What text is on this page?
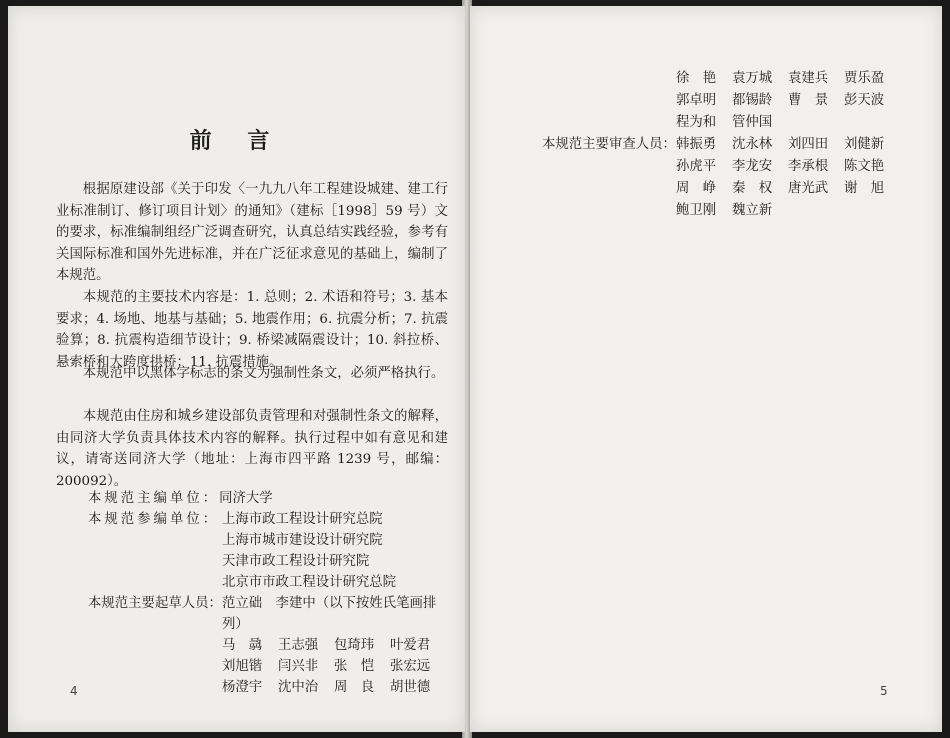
前 言

根据原建设部《关于印发〈一九九八年工程建设城建、建工行业标准制订、修订项目计划〉的通知》（建标［1998］59 号）文的要求，标准编制组经广泛调查研究，认真总结实践经验，参考有关国际标准和国外先进标准，并在广泛征求意见的基础上，编制了本规范。

本规范的主要技术内容是：1. 总则；2. 术语和符号；3. 基本要求；4. 场地、地基与基础；5. 地震作用；6. 抗震分析；7. 抗震验算；8. 抗震构造细节设计；9. 桥梁减隔震设计；10. 斜拉桥、悬索桥和大跨度拱桥；11. 抗震措施。

本规范中以黑体字标志的条文为强制性条文，必须严格执行。

本规范由住房和城乡建设部负责管理和对强制性条文的解释，由同济大学负责具体技术内容的解释。执行过程中如有意见和建议，请寄送同济大学（地址：上海市四平路 1239 号，邮编：200092）。

本规范主编单位：同济大学
本规范参编单位： 上海市政工程设计研究总院
上海市城市建设设计研究院
天津市政工程设计研究院
北京市市政工程设计研究总院
本规范主要起草人员： 范立础　李建中（以下按姓氏笔画排
列）
马　骉 王志强 包琦玮 叶爱君
刘旭锴 闫兴非 张　恺 张宏远
杨澄宇 沈中治 周　良 胡世德
4
徐　艳 袁万城 袁建兵 贾乐盈
郭卓明 都锡龄 曹　景 彭天波
程为和 管仲国
本规范主要审查人员： 韩振勇 沈永林 刘四田 刘健新
孙虎平 李龙安 李承根 陈文艳
周　峥 秦　权 唐光武 谢　旭
鲍卫刚 魏立新
5
